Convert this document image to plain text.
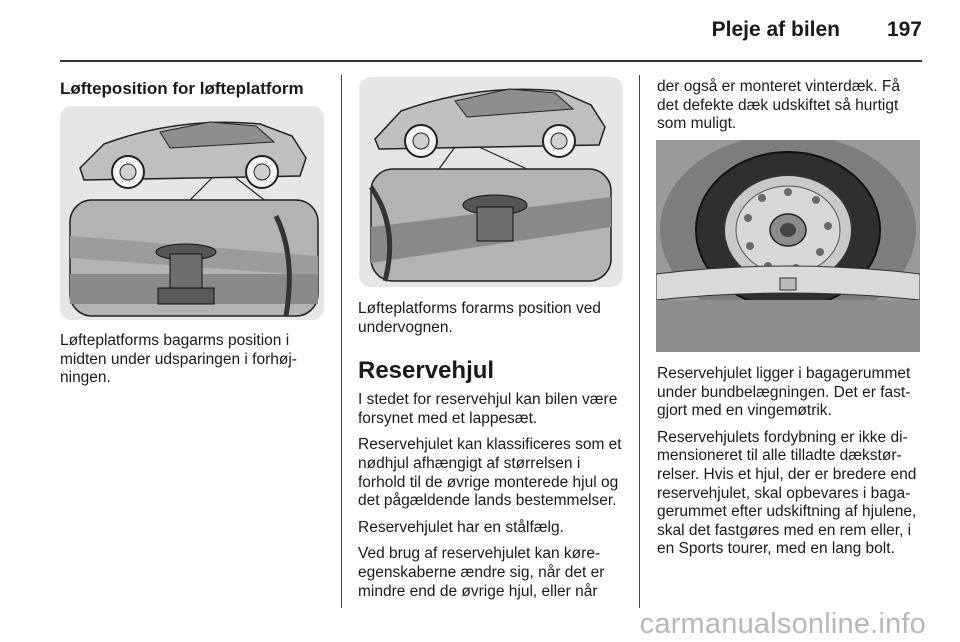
Pleje af bilen	197
Løfteposition for løfteplatform

Løfteplatforms bagarms position i midten under udsparingen i forhøjningen.

Løfteplatforms forarms position ved undervognen.

Reservehjul

I stedet for reservehjul kan bilen være forsynet med et lappesæt.

Reservehjulet kan klassificeres som et nødhjul afhængigt af størrelsen i forhold til de øvrige monterede hjul og det pågældende lands bestemmelser.

Reservehjulet har en stålfælg.

Ved brug af reservehjulet kan køreegenskaberne ændre sig, når det er mindre end de øvrige hjul, eller når

der også er monteret vinterdæk. Få det defekte dæk udskiftet så hurtigt som muligt.

Reservehjulet ligger i bagagerummet under bundbelægningen. Det er fastgjort med en vingemøtrik.

Reservehjulets fordybning er ikke dimensioneret til alle tilladte dækstørrelser. Hvis et hjul, der er bredere end reservehjulet, skal opbevares i bagagerummet efter udskiftning af hjulene, skal det fastgøres med en rem eller, i en Sports tourer, med en lang bolt.

carmanualsonline.info
